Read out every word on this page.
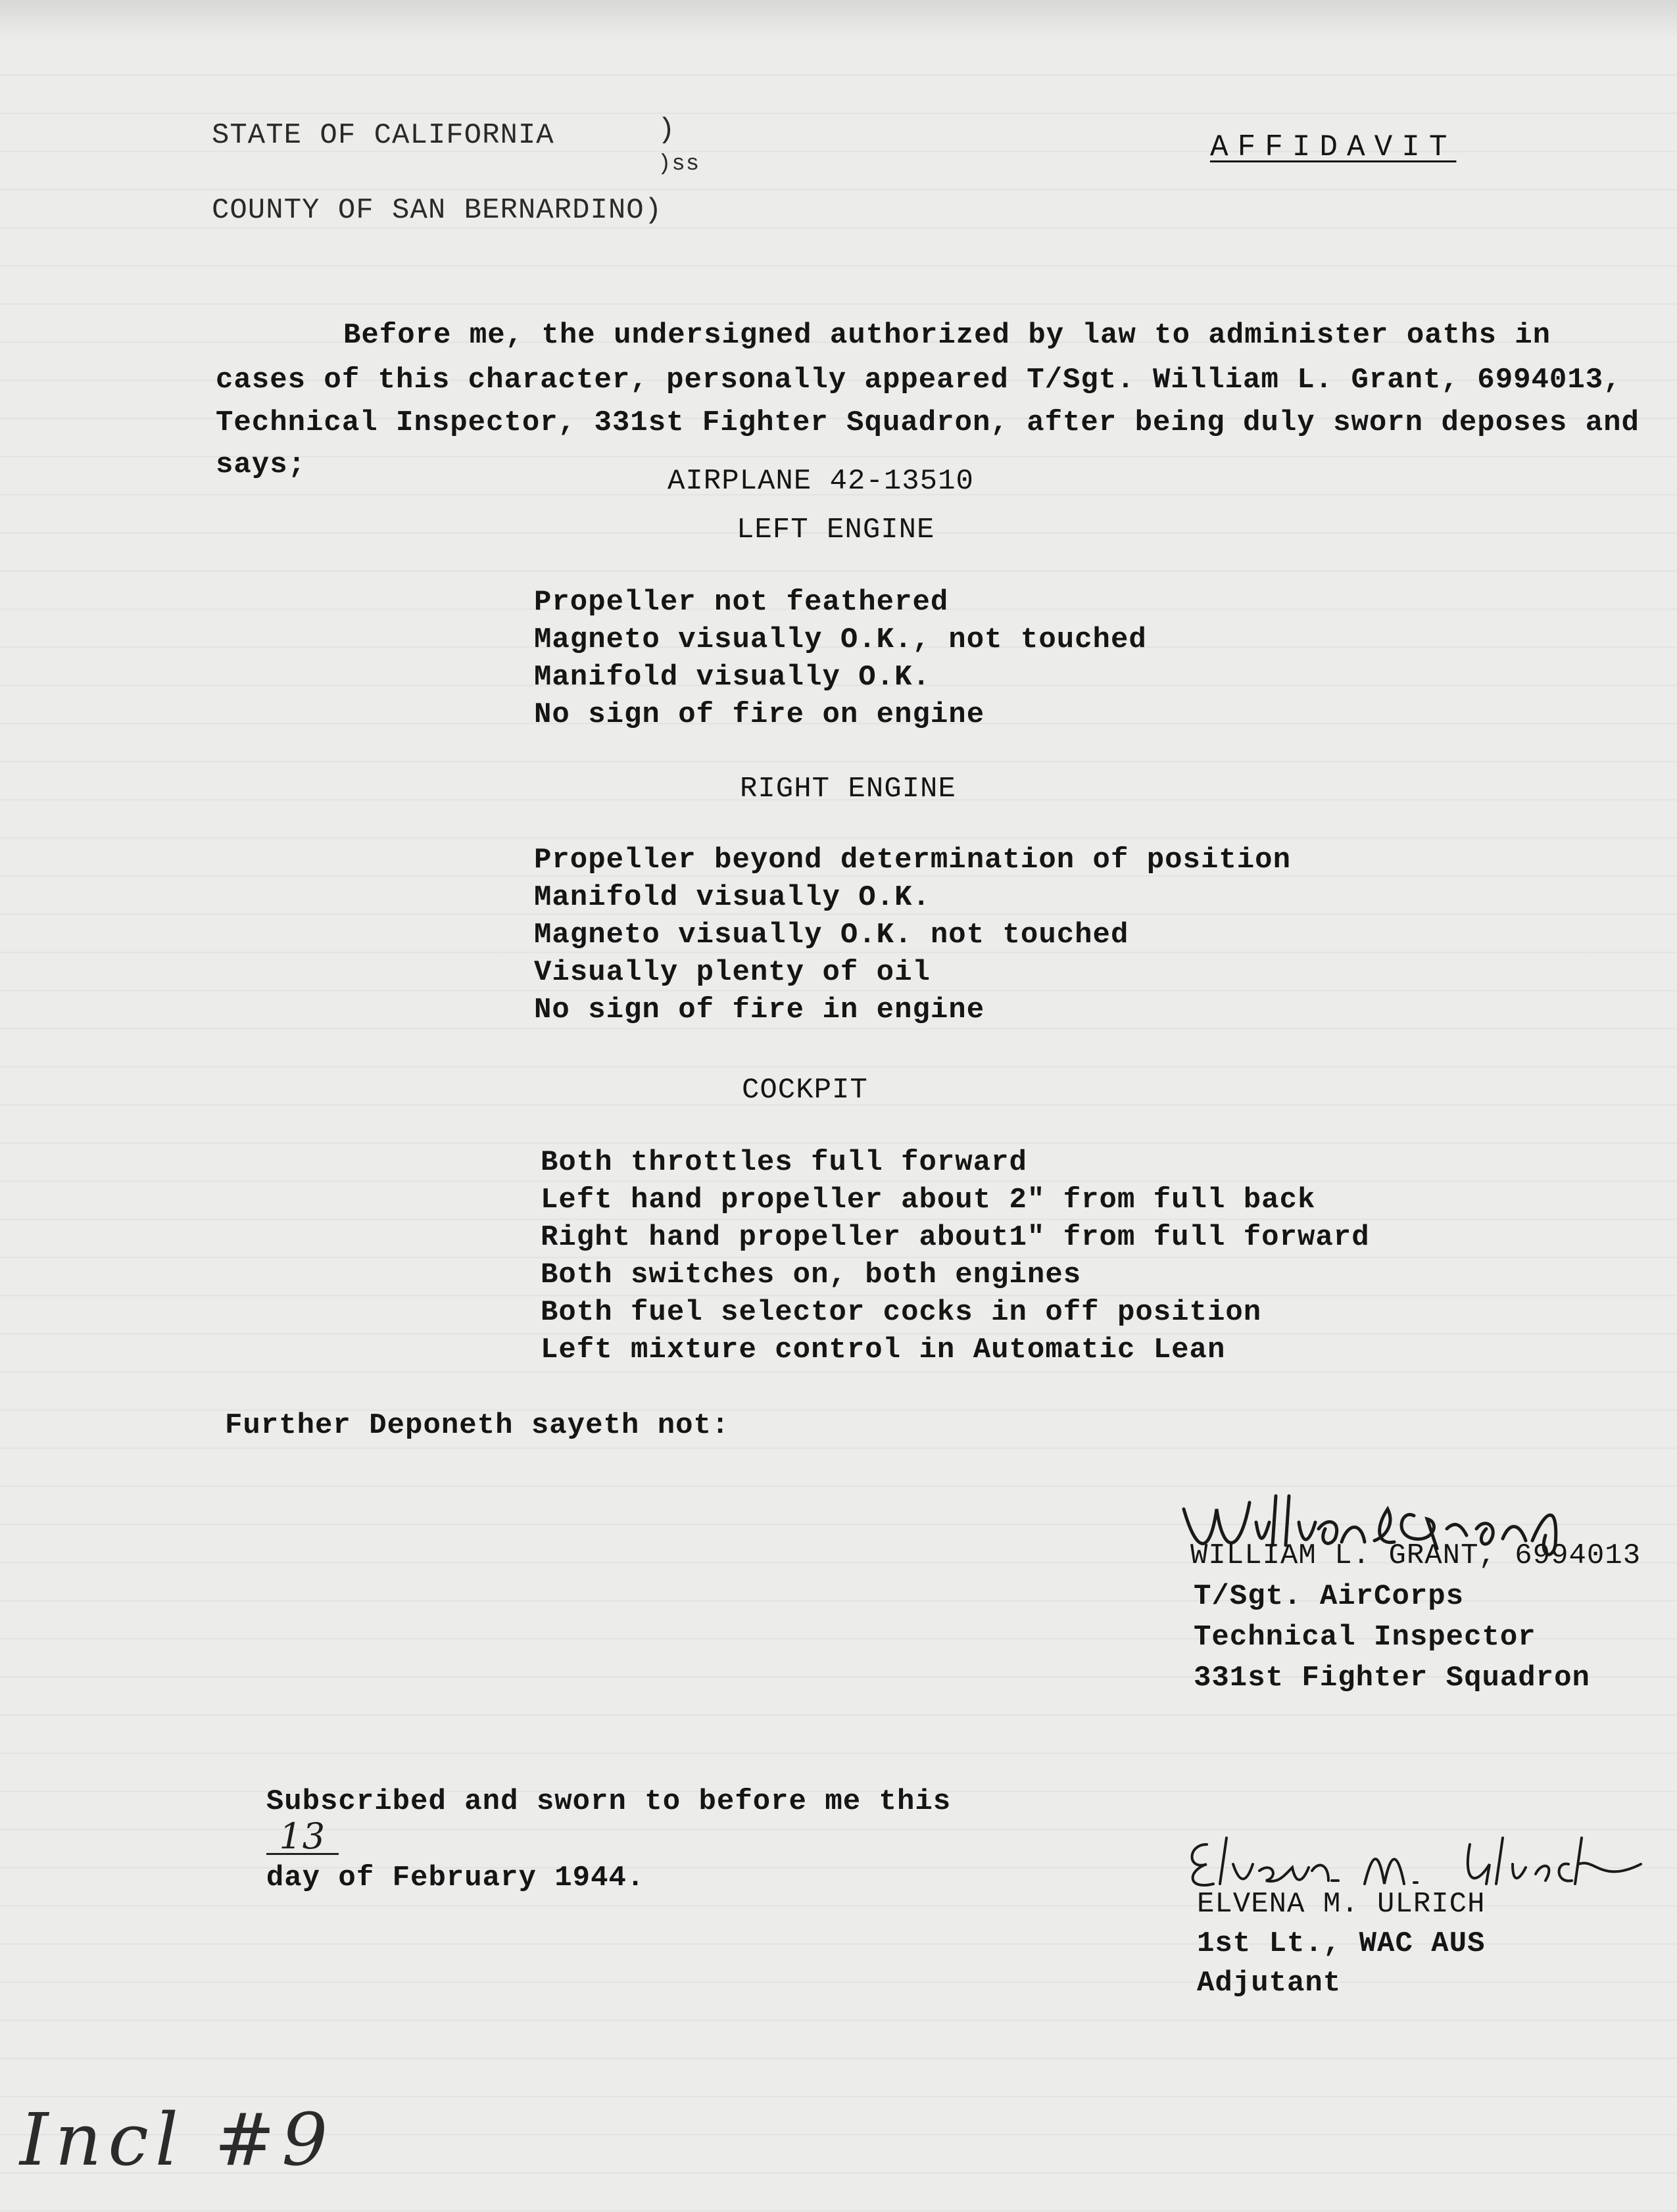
STATE OF CALIFORNIA	)
)ss
COUNTY OF SAN BERNARDINO)
AFFIDAVIT
Before me, the undersigned authorized by law to administer oaths in
cases of this character, personally appeared T/Sgt. William L. Grant, 6994013,
Technical Inspector, 331st Fighter Squadron, after being duly sworn deposes and
says;	AIRPLANE 42-13510
LEFT ENGINE
Propeller not feathered
Magneto visually O.K., not touched
Manifold visually O.K.
No sign of fire on engine
RIGHT ENGINE
Propeller beyond determination of position
Manifold visually O.K.
Magneto visually O.K. not touched
Visually plenty of oil
No sign of fire in engine
COCKPIT
Both throttles full forward
Left hand propeller about 2" from full back
Right hand propeller about1" from full forward
Both switches on, both engines
Both fuel selector cocks in off position
Left mixture control in Automatic Lean
Further Deponeth sayeth not:
WILLIAM L. GRANT, 6994013
T/Sgt. AirCorps
Technical Inspector
331st Fighter Squadron

Subscribed and sworn to before me this
13
day of February 1944.

ELVENA M. ULRICH
1st Lt., WAC AUS
Adjutant
Incl #9
